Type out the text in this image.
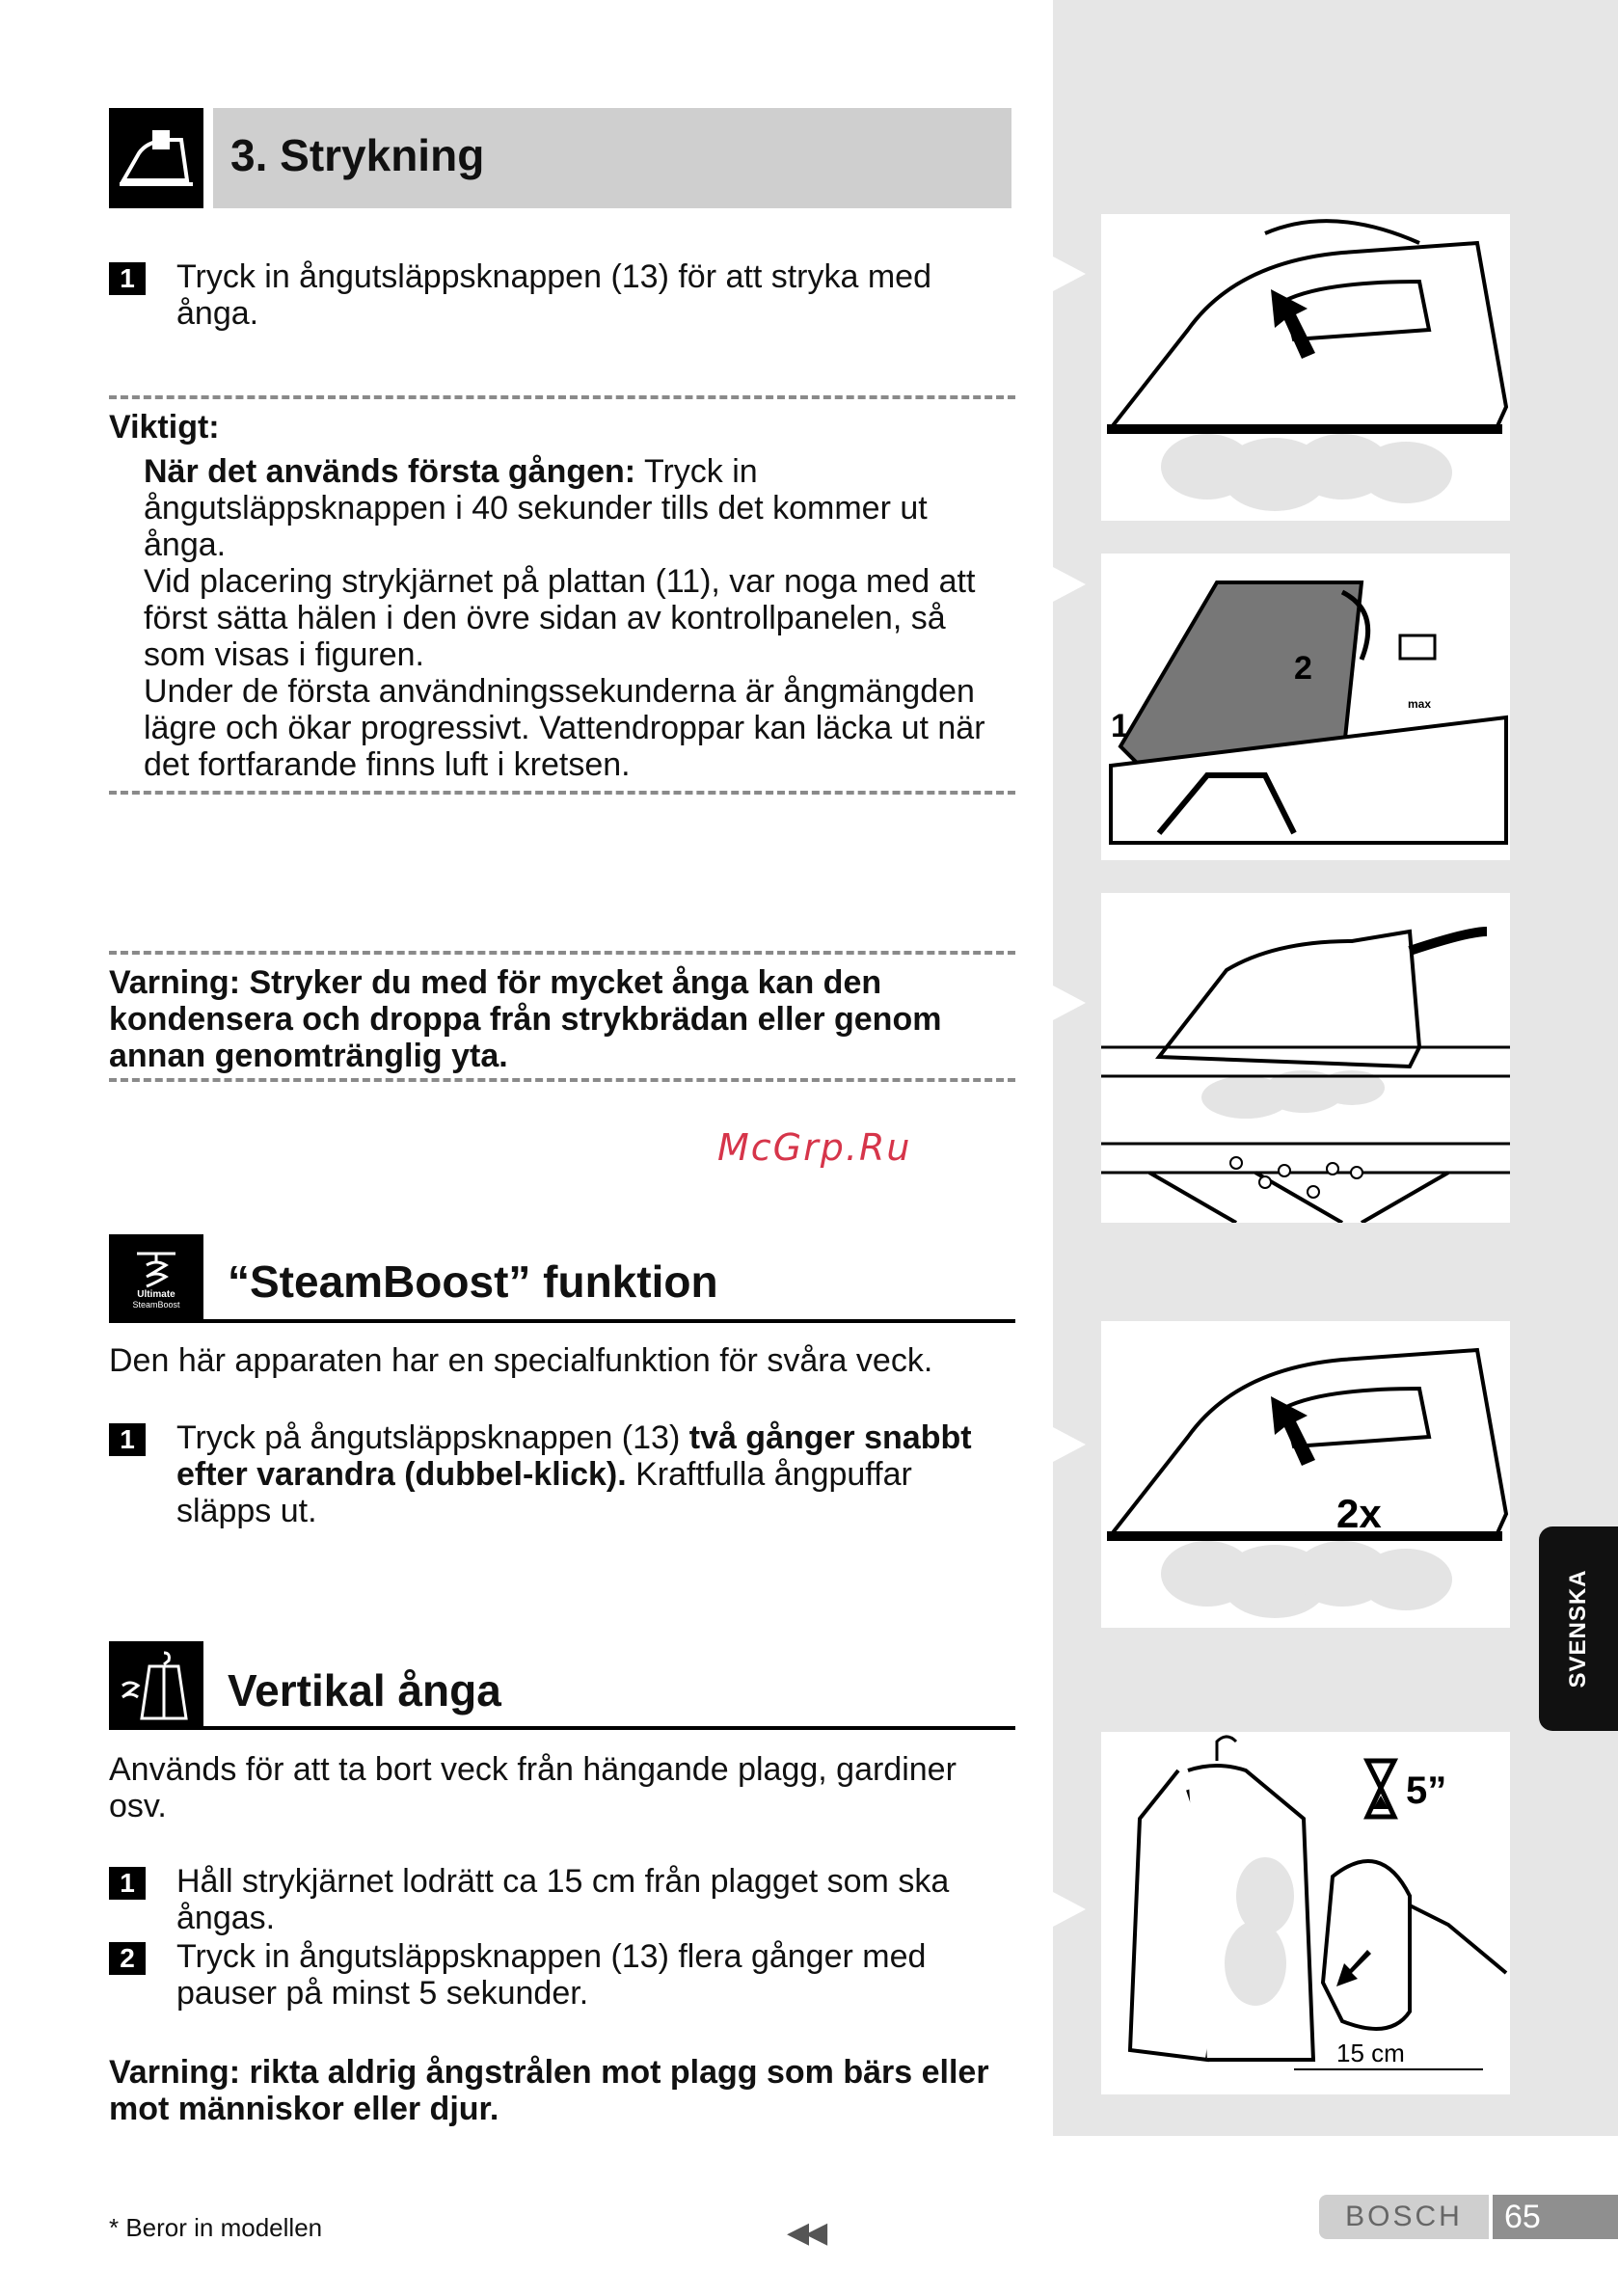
2
1
max
2x
5”
15 cm
3. Strykning
1	Tryck in ångutsläppsknappen (13) för att stryka med ånga.
Viktigt:
När det används första gången: Tryck in ångutsläppsknappen i 40 sekunder tills det kommer ut ånga.
Vid placering strykjärnet på plattan (11), var noga med att först sätta hälen i den övre sidan av kontrollpanelen, så som visas i figuren.
Under de första användningssekunderna är ångmängden lägre och ökar progressivt. Vattendroppar kan läcka ut när det fortfarande finns luft i kretsen.
Varning: Stryker du med för mycket ånga kan den kondensera och droppa från strykbrädan eller genom annan genomtränglig yta.
McGrp.Ru
Ultimate
SteamBoost “SteamBoost” funktion
Den här apparaten har en specialfunktion för svåra veck.
1	Tryck på ångutsläppsknappen (13) två gånger snabbt efter varandra (dubbel-klick). Kraftfulla ångpuffar släpps ut.
Vertikal ånga
Används för att ta bort veck från hängande plagg, gardiner osv.
1	Håll strykjärnet lodrätt ca 15 cm från plagget som ska ångas.
2	Tryck in ångutsläppsknappen (13) flera gånger med pauser på minst 5 sekunder.
Varning: rikta aldrig ångstrålen mot plagg som bärs eller mot människor eller djur.
SVENSKA
* Beror in modellen	◀◀
BOSCH	65
